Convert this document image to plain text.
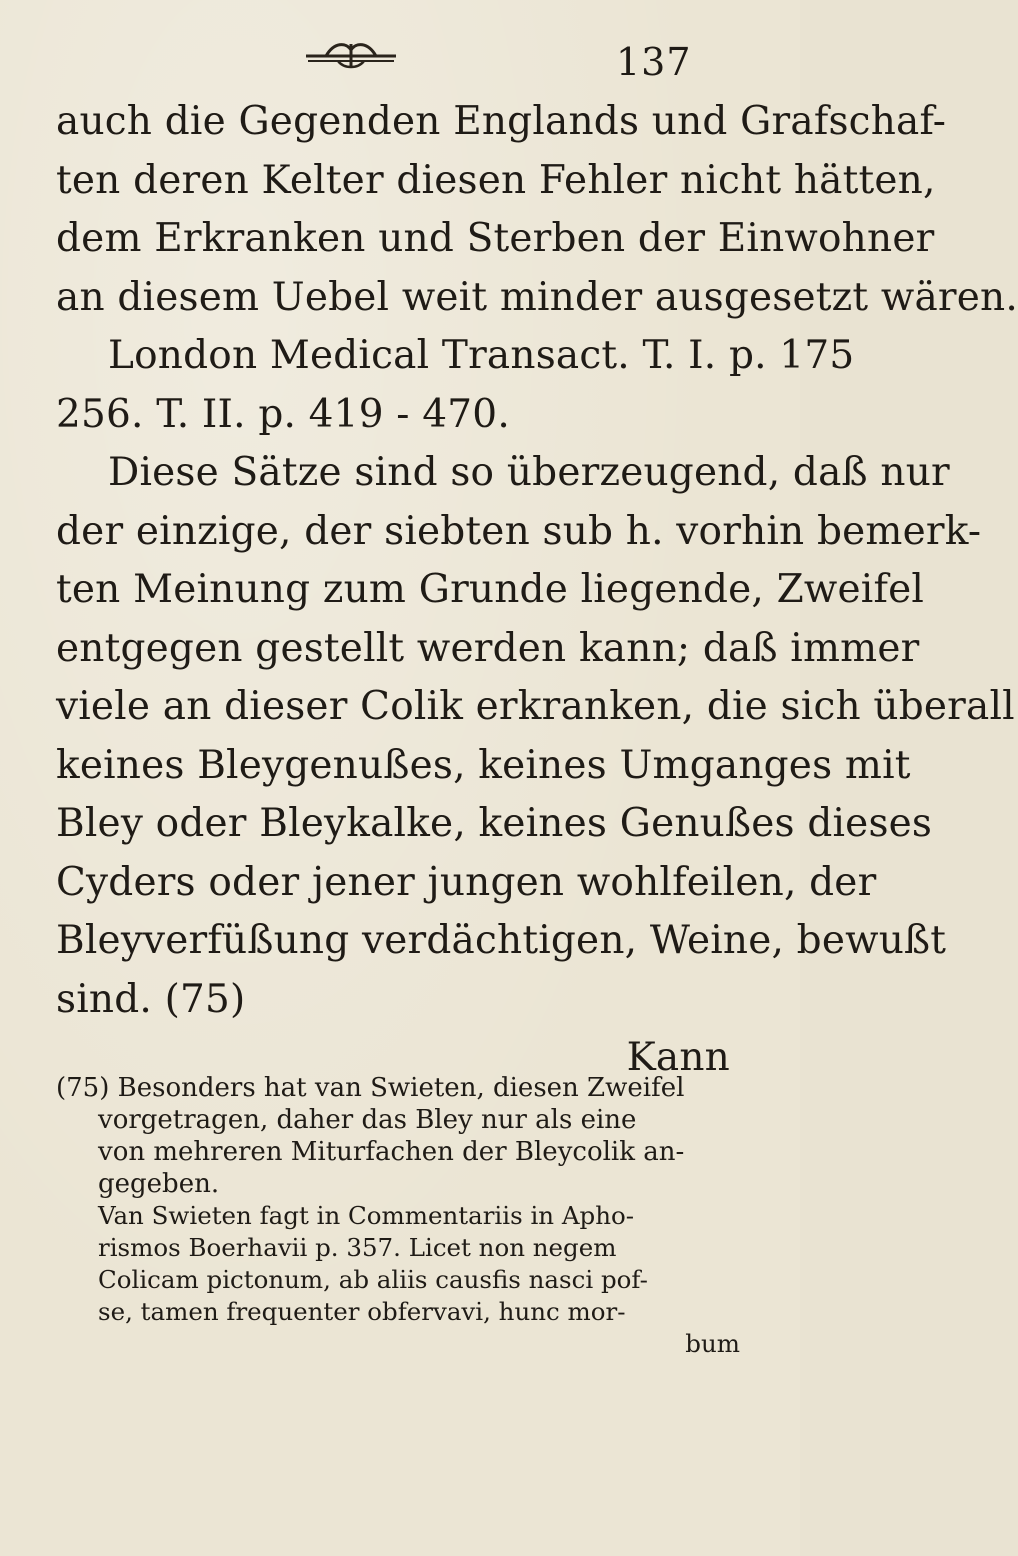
137
auch die Gegenden Englands und Grafschaf-
ten deren Kelter diesen Fehler nicht hätten,
dem Erkranken und Sterben der Einwohner
an diesem Uebel weit minder ausgesetzt wären.
London Medical Transact. T. I. p. 175
256. T. II. p. 419 - 470.
Diese Sätze sind so überzeugend, daß nur
der einzige, der siebten sub h. vorhin bemerk-
ten Meinung zum Grunde liegende, Zweifel
entgegen gestellt werden kann; daß immer
viele an dieser Colik erkranken, die sich überall
keines Bleygenußes, keines Umganges mit
Bley oder Bleykalke, keines Genußes dieses
Cyders oder jener jungen wohlfeilen, der
Bleyverfüßung verdächtigen, Weine, bewußt
sind. (75)
Kann
(75) Besonders hat van Swieten, diesen Zweifel
vorgetragen, daher das Bley nur als eine
von mehreren Miturfachen der Bleycolik an-
gegeben.
Van Swieten fagt in Commentariis in Apho-
rismos Boerhavii p. 357. Licet non negem
Colicam pictonum, ab aliis causfis nasci pof-
se, tamen frequenter obfervavi, hunc mor-
bum
